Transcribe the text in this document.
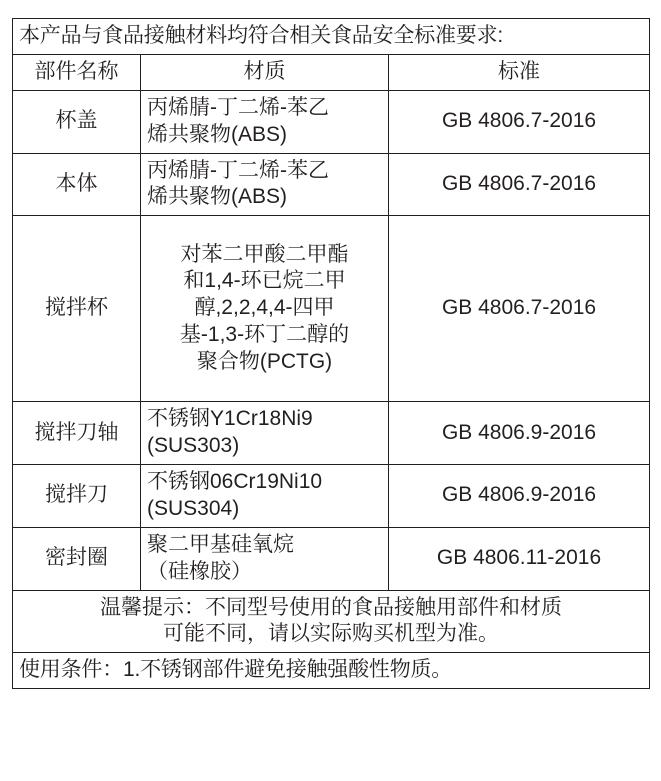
本产品与食品接触材料均符合相关食品安全标准要求:		
部件名称	材质	标准
杯盖	丙烯腈-丁二烯-苯乙 烯共聚物(ABS)	GB 4806.7-2016
本体	丙烯腈-丁二烯-苯乙 烯共聚物(ABS)	GB 4806.7-2016
搅拌杯	对苯二甲酸二甲酯 和1,4-环已烷二甲 醇,2,2,4,4-四甲 基-1,3-环丁二醇的 聚合物(PCTG)	GB 4806.7-2016
搅拌刀轴	不锈钢Y1Cr18Ni9 (SUS303)	GB 4806.9-2016
搅拌刀	不锈钢06Cr19Ni10 (SUS304)	GB 4806.9-2016
密封圈	聚二甲基硅氧烷 （硅橡胶）	GB 4806.11-2016

温馨提示：不同型号使用的食品接触用部件和材质
可能不同，请以实际购买机型为准。		

使用条件：1.不锈钢部件避免接触强酸性物质。		
